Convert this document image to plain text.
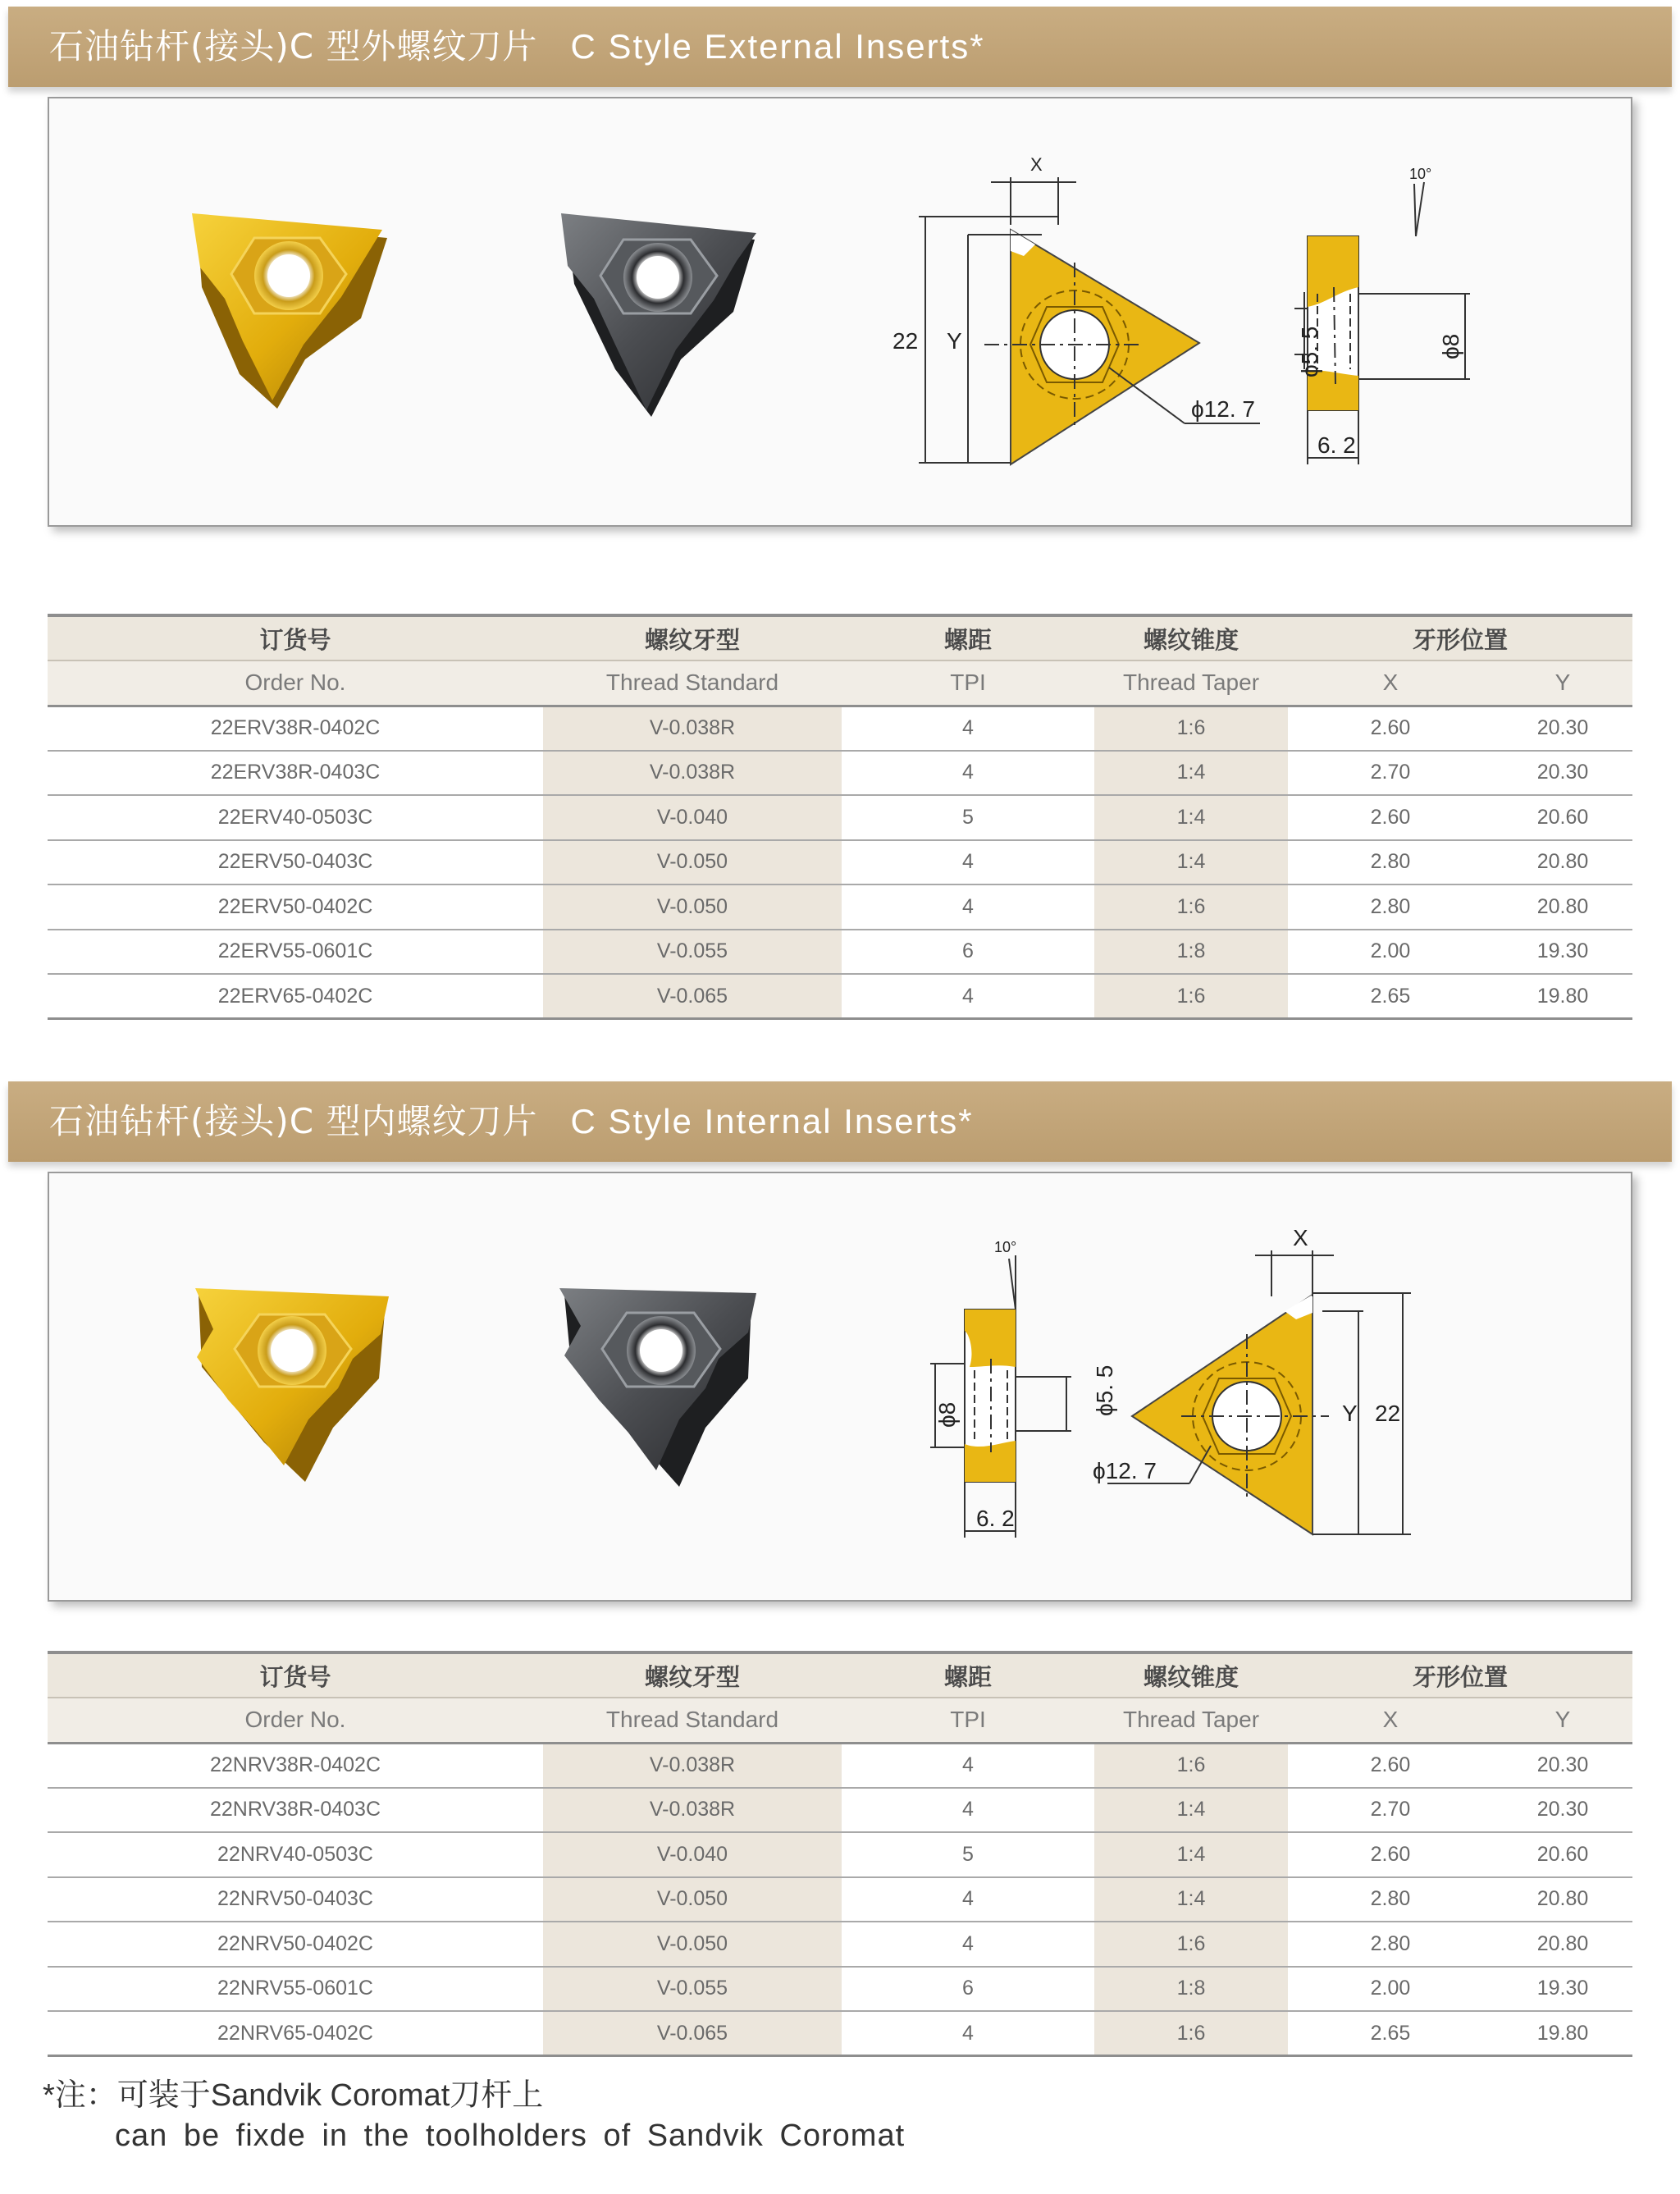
石油钻杆(接头)C 型外螺纹刀片 C Style External Inserts*
X
22 Y
ϕ12. 7
10°
6. 2
ϕ5. 5	ϕ8
订货号	螺纹牙型	螺距	螺纹锥度	牙形位置	
Order No.	Thread Standard	TPI	Thread Taper	X	Y
22ERV38R-0402C	V-0.038R	4	1:6	2.60	20.30
22ERV38R-0403C	V-0.038R	4	1:4	2.70	20.30
22ERV40-0503C	V-0.040	5	1:4	2.60	20.60
22ERV50-0403C	V-0.050	4	1:4	2.80	20.80
22ERV50-0402C	V-0.050	4	1:6	2.80	20.80
22ERV55-0601C	V-0.055	6	1:8	2.00	19.30
22ERV65-0402C	V-0.065	4	1:6	2.65	19.80
石油钻杆(接头)C 型内螺纹刀片 C Style Internal Inserts*
10°
6. 2
ϕ8	ϕ5. 5
X
Y 22
ϕ12. 7
订货号	螺纹牙型	螺距	螺纹锥度	牙形位置	
Order No.	Thread Standard	TPI	Thread Taper	X	Y
22NRV38R-0402C	V-0.038R	4	1:6	2.60	20.30
22NRV38R-0403C	V-0.038R	4	1:4	2.70	20.30
22NRV40-0503C	V-0.040	5	1:4	2.60	20.60
22NRV50-0403C	V-0.050	4	1:4	2.80	20.80
22NRV50-0402C	V-0.050	4	1:6	2.80	20.80
22NRV55-0601C	V-0.055	6	1:8	2.00	19.30
22NRV65-0402C	V-0.065	4	1:6	2.65	19.80
*注：可装于Sandvik Coromat刀杆上
can be fixde in the toolholders of Sandvik Coromat
